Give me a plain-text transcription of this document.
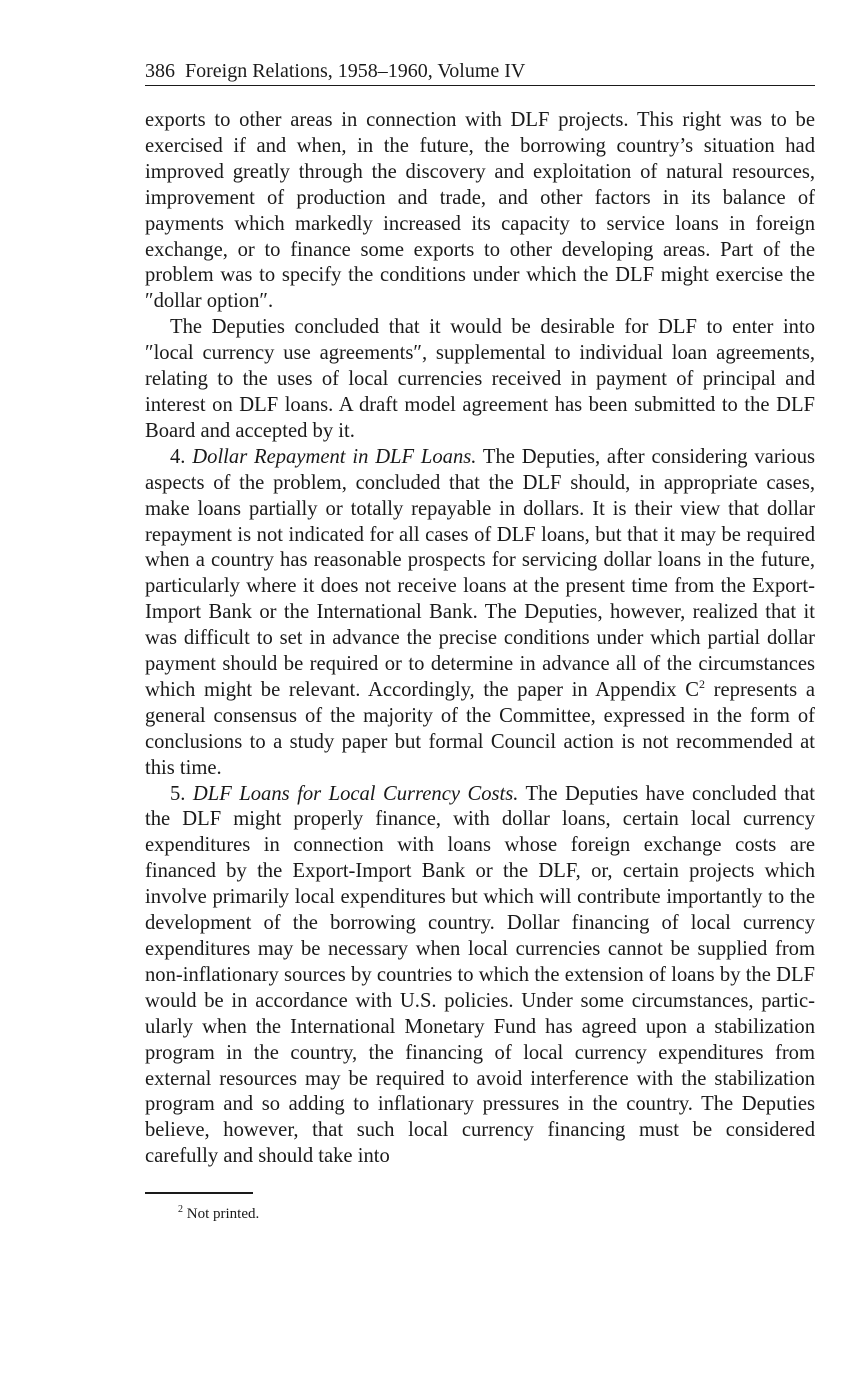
386 Foreign Relations, 1958–1960, Volume IV

exports to other areas in connection with DLF projects. This right was to be exercised if and when, in the future, the borrowing country’s situation had improved greatly through the discovery and exploitation of natural resources, improvement of production and trade, and other factors in its balance of payments which markedly increased its capacity to service loans in foreign exchange, or to finance some exports to other developing areas. Part of the problem was to specify the conditions under which the DLF might exercise the ″dollar option″.

The Deputies concluded that it would be desirable for DLF to enter into ″local currency use agreements″, supplemental to individual loan agreements, relating to the uses of local currencies received in payment of principal and interest on DLF loans. A draft model agreement has been submitted to the DLF Board and accepted by it.

4. Dollar Repayment in DLF Loans. The Deputies, after considering various aspects of the problem, concluded that the DLF should, in appropriate cases, make loans partially or totally repayable in dollars. It is their view that dollar repayment is not indicated for all cases of DLF loans, but that it may be required when a country has reasonable prospects for servicing dollar loans in the future, particularly where it does not receive loans at the present time from the Export-Import Bank or the International Bank. The Deputies, however, realized that it was difficult to set in advance the precise conditions under which partial dollar payment should be required or to determine in advance all of the circumstances which might be relevant. Accordingly, the paper in Appendix $C^2$ represents a general consensus of the majority of the Committee, expressed in the form of conclusions to a study paper but formal Council action is not recommended at this time.

5. DLF Loans for Local Currency Costs. The Deputies have concluded that the DLF might properly finance, with dollar loans, certain local currency expenditures in connection with loans whose foreign exchange costs are financed by the Export-Import Bank or the DLF, or, certain projects which involve primarily local expenditures but which will contribute importantly to the development of the borrowing country. Dollar financing of local currency expenditures may be necessary when local currencies cannot be supplied from non-inflationary sources by countries to which the extension of loans by the DLF would be in accordance with U.S. policies. Under some circumstances, particularly when the International Monetary Fund has agreed upon a stabilization program in the country, the financing of local currency expenditures from external resources may be required to avoid interference with the stabilization program and so adding to inflationary pressures in the country. The Deputies believe, however, that such local currency financing must be considered carefully and should take into

$^2$ Not printed.
